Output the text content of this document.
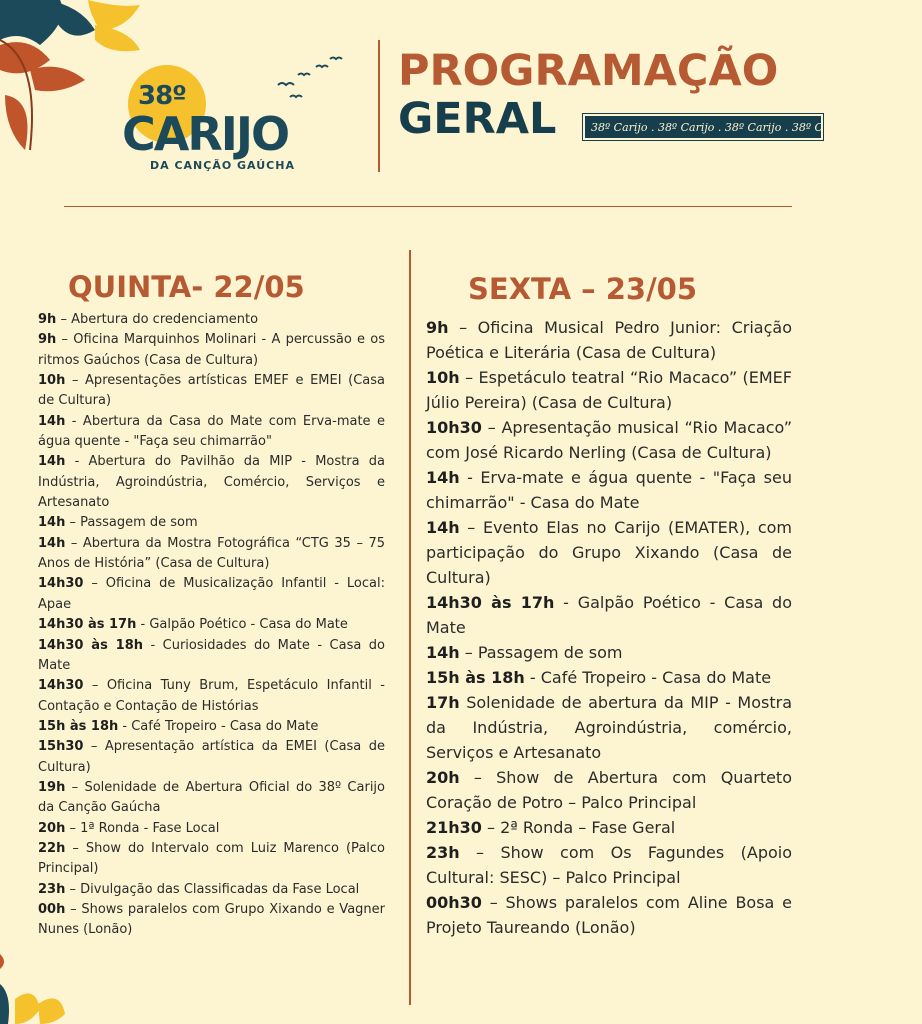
38º
CARIJO
DA CANÇÃO GAÚCHA
PROGRAMAÇÃO
GERAL	38º Carijo . 38º Carijo . 38º Carijo . 38º Carijo . 38º Carijo .
QUINTA- 22/05
9h – Abertura do credenciamento
9h – Oficina Marquinhos Molinari - A percussão e os ritmos Gaúchos (Casa de Cultura)
10h – Apresentações artísticas EMEF e EMEI (Casa de Cultura)
14h - Abertura da Casa do Mate com Erva-mate e água quente - "Faça seu chimarrão"
14h - Abertura do Pavilhão da MIP - Mostra da Indústria, Agroindústria, Comércio, Serviços e Artesanato
14h – Passagem de som
14h – Abertura da Mostra Fotográfica “CTG 35 – 75 Anos de História” (Casa de Cultura)
14h30 – Oficina de Musicalização Infantil - Local: Apae
14h30 às 17h - Galpão Poético - Casa do Mate
14h30 às 18h - Curiosidades do Mate - Casa do Mate
14h30 – Oficina Tuny Brum, Espetáculo Infantil - Contação e Contação de Histórias
15h às 18h - Café Tropeiro - Casa do Mate
15h30 – Apresentação artística da EMEI (Casa de Cultura)
19h – Solenidade de Abertura Oficial do 38º Carijo da Canção Gaúcha
20h – 1ª Ronda - Fase Local
22h – Show do Intervalo com Luiz Marenco (Palco Principal)
23h – Divulgação das Classificadas da Fase Local
00h – Shows paralelos com Grupo Xixando e Vagner Nunes (Lonão)
SEXTA – 23/05
9h – Oficina Musical Pedro Junior: Criação Poética e Literária (Casa de Cultura)
10h – Espetáculo teatral “Rio Macaco” (EMEF Júlio Pereira) (Casa de Cultura)
10h30 – Apresentação musical “Rio Macaco” com José Ricardo Nerling (Casa de Cultura)
14h - Erva-mate e água quente - "Faça seu chimarrão" - Casa do Mate
14h – Evento Elas no Carijo (EMATER), com participação do Grupo Xixando (Casa de Cultura)
14h30 às 17h - Galpão Poético - Casa do Mate
14h – Passagem de som
15h às 18h - Café Tropeiro - Casa do Mate
17h Solenidade de abertura da MIP - Mostra da Indústria, Agroindústria, comércio, Serviços e Artesanato
20h – Show de Abertura com Quarteto Coração de Potro – Palco Principal
21h30 – 2ª Ronda – Fase Geral
23h – Show com Os Fagundes (Apoio Cultural: SESC) – Palco Principal
00h30 – Shows paralelos com Aline Bosa e Projeto Taureando (Lonão)
